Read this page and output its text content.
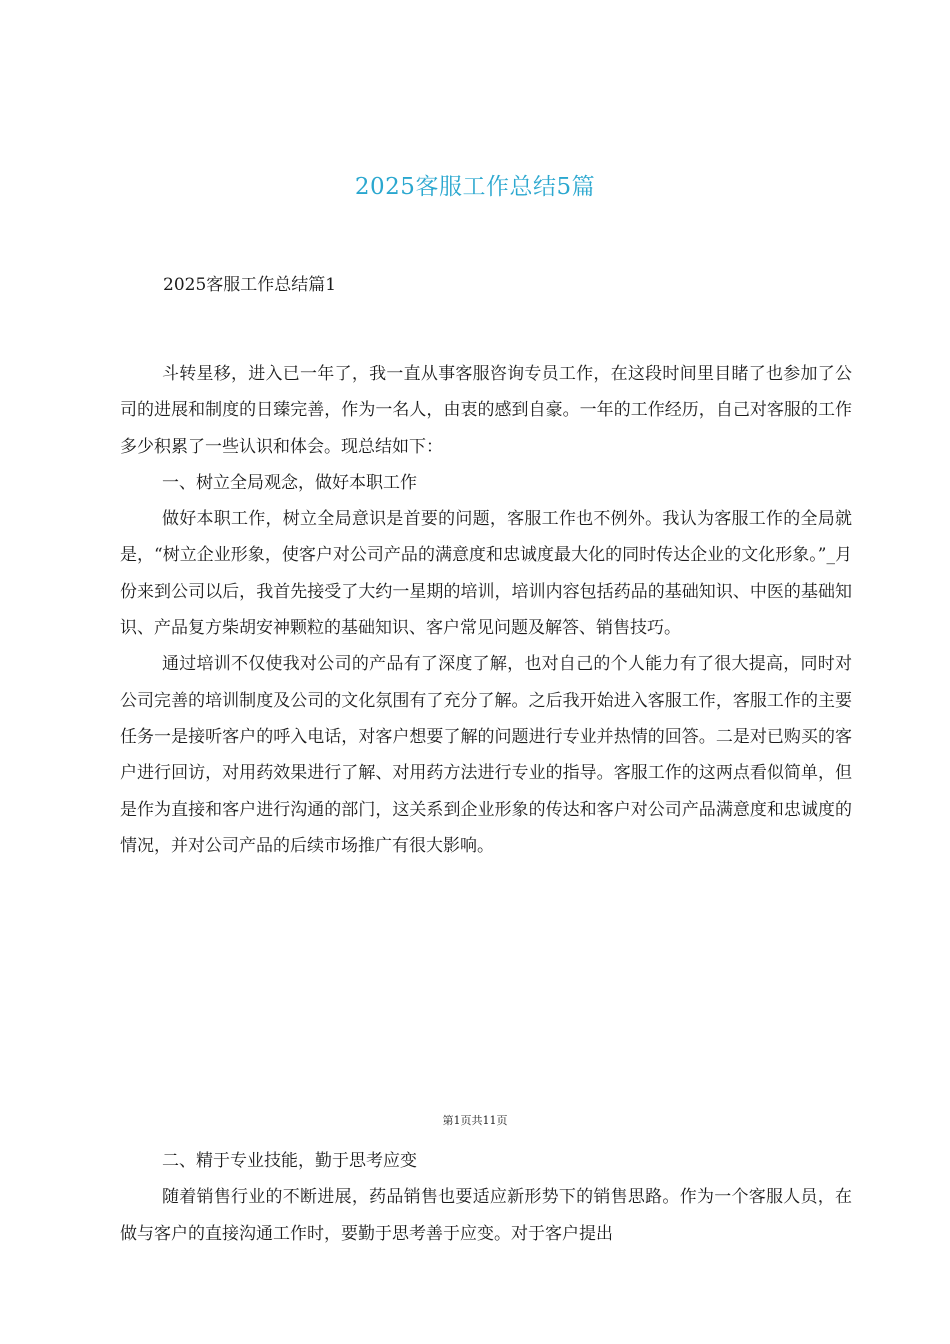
2025客服工作总结5篇
2025客服工作总结篇1

斗转星移，进入已一年了，我一直从事客服咨询专员工作，在这段时间里目睹了也参加了公司的进展和制度的日臻完善，作为一名人，由衷的感到自豪。一年的工作经历，自己对客服的工作多少积累了一些认识和体会。现总结如下：

一、树立全局观念，做好本职工作

做好本职工作，树立全局意识是首要的问题，客服工作也不例外。我认为客服工作的全局就是，“树立企业形象，使客户对公司产品的满意度和忠诚度最大化的同时传达企业的文化形象。”_月份来到公司以后，我首先接受了大约一星期的培训，培训内容包括药品的基础知识、中医的基础知识、产品复方柴胡安神颗粒的基础知识、客户常见问题及解答、销售技巧。

通过培训不仅使我对公司的产品有了深度了解，也对自己的个人能力有了很大提高，同时对公司完善的培训制度及公司的文化氛围有了充分了解。之后我开始进入客服工作，客服工作的主要任务一是接听客户的呼入电话，对客户想要了解的问题进行专业并热情的回答。二是对已购买的客户进行回访，对用药效果进行了解、对用药方法进行专业的指导。客服工作的这两点看似简单，但是作为直接和客户进行沟通的部门，这关系到企业形象的传达和客户对公司产品满意度和忠诚度的情况，并对公司产品的后续市场推广有很大影响。

第1页共11页

二、精于专业技能，勤于思考应变

随着销售行业的不断进展，药品销售也要适应新形势下的销售思路。作为一个客服人员，在做与客户的直接沟通工作时，要勤于思考善于应变。对于客户提出
